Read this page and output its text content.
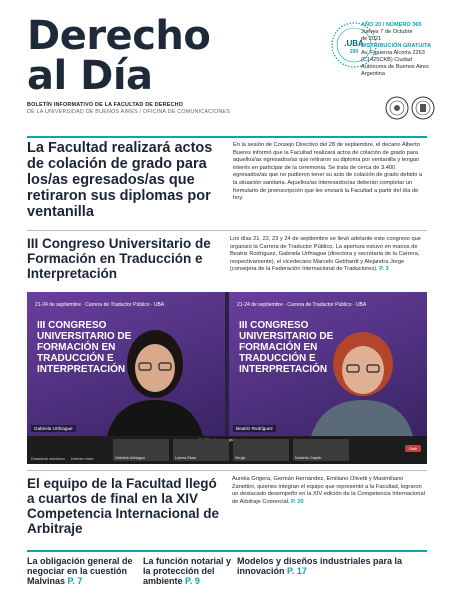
Derecho
al Día
.UBA
200
AÑO 20 / NÚMERO 365
Jueves 7 de Octubre
de 2021
DISTRIBUCIÓN GRATUITA
Av. Figueroa Alcorta 2263
(C1425CKB) Ciudad
Autónoma de Buenos Aires
Argentina
BOLETÍN INFORMATIVO DE LA FACULTAD DE DERECHO
DE LA UNIVERSIDAD DE BUENOS AIRES / OFICINA DE COMUNICACIONES
La Facultad realizará actos de colación de grado para los/as egresados/as que retiraron sus diplomas por ventanilla
En la sesión de Consejo Directivo del 28 de septiembre, el decano Alberto Bueres informó que la Facultad realizará actos de colación de grado para aquellos/as egresados/as que retiraron su diploma por ventanilla y tengan interés en participar de la ceremonia. Se trata de cerca de 3.400 egresados/as que no pudieron tener su acto de colación de grado debido a la situación sanitaria. Aquellos/as interesados/as deberán completar un formulario de preinscripción que les enviará la Facultad a partir del día de hoy.
III Congreso Universitario de Formación en Traducción e Interpretación
Los días 21, 22, 23 y 24 de septiembre se llevó adelante este congreso que organizó la Carrera de Traductor Público. La apertura estuvo en manos de Beatriz Rodríguez, Gabriela Urthiague (directora y secretaria de la Carrera, respectivamente), el vicedecano Marcelo Gebhardt y Alejandra Jorge (consejera de la Federación Internacional de Traductores). P. 3
21-24 de septiembre · Carrera de Traductor Público · UBA
III CONGRESO UNIVERSITARIO DE FORMACIÓN EN TRADUCCIÓN E INTERPRETACIÓN
Gabriela Urthiague
21-24 de septiembre · Carrera de Traductor Público · UBA
III CONGRESO UNIVERSITARIO DE FORMACIÓN EN TRADUCCIÓN E INTERPRETACIÓN
Beatriz Rodríguez
Gabriela Urthiague	Lorena Rivas	Sergio	Norberto Capelo
Desactivar micrófono Detener vídeo
Salir
El equipo de la Facultad llegó a cuartos de final en la XIV Competencia Internacional de Arbitraje
Aurelia Grigera, Germán Hernández, Emiliano Olivetti y Maximiliano Zanettini, quienes integran el equipo que representó a la Facultad, lograron un destacado desempeño en la XIV edición de la Competencia Internacional de Arbitraje Comercial. P. 20
La obligación general de negociar en la cuestión Malvinas P. 7
La función notarial y la protección del ambiente P. 9
Modelos y diseños industriales para la innovación P. 17
